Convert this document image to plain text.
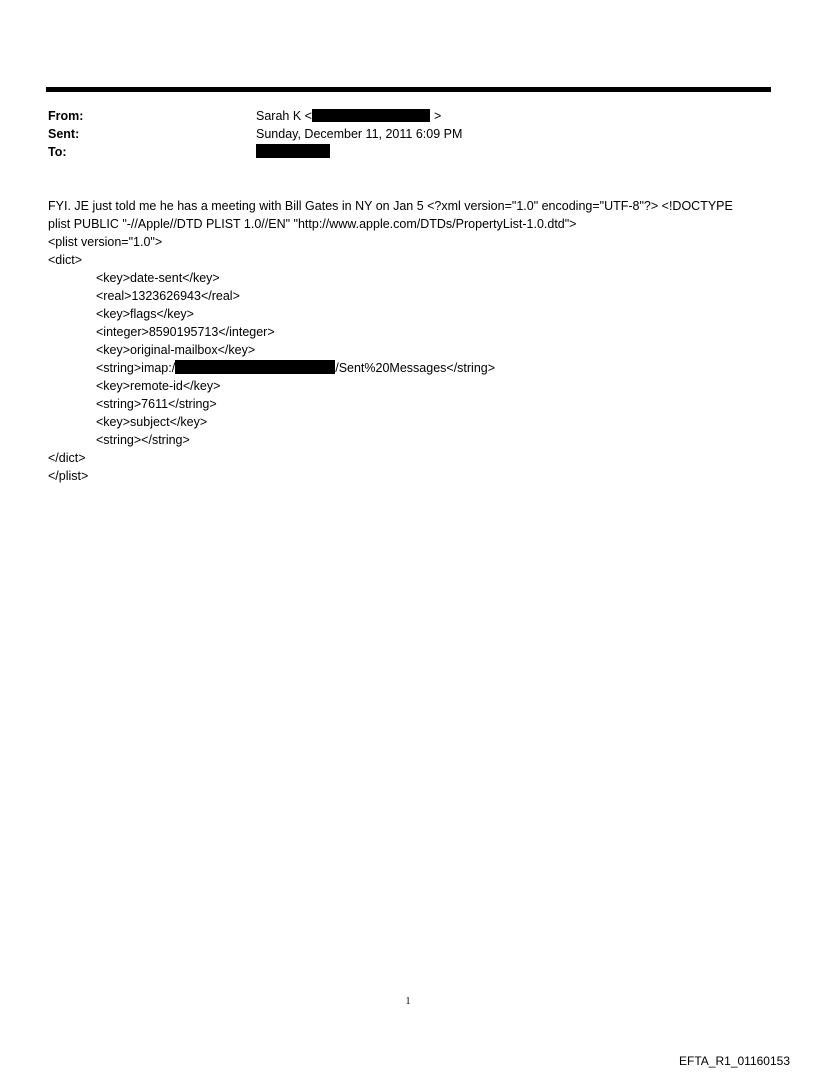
From:	Sarah K <	>
Sent:	Sunday, December 11, 2011 6:09 PM
To:
FYI. JE just told me he has a meeting with Bill Gates in NY on Jan 5 <?xml version="1.0" encoding="UTF-8"?> <!DOCTYPE
plist PUBLIC "-//Apple//DTD PLIST 1.0//EN" "http://www.apple.com/DTDs/PropertyList-1.0.dtd">
<plist version="1.0">
<dict>
<key>date-sent</key>
<real>1323626943</real>
<key>flags</key>
<integer>8590195713</integer>
<key>original-mailbox</key>
<string>imap:/	/Sent%20Messages</string>
<key>remote-id</key>
<string>7611</string>
<key>subject</key>
<string></string>
</dict>
</plist>
1
EFTA_R1_01160153
